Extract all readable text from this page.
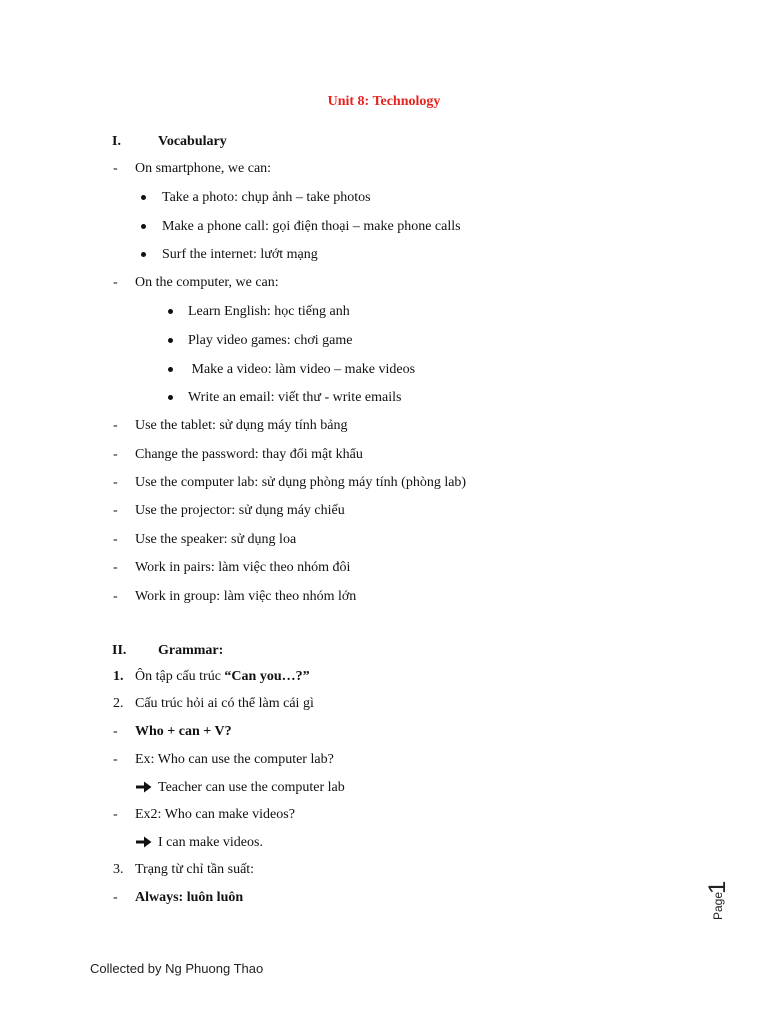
Unit 8: Technology
I.	Vocabulary
- On smartphone, we can:
Take a photo: chụp ảnh – take photos
Make a phone call: gọi điện thoại – make phone calls
Surf the internet: lướt mạng
- On the computer, we can:
Learn English: học tiếng anh
Play video games: chơi game
Make a video: làm video – make videos
Write an email: viết thư - write emails
- Use the tablet: sử dụng máy tính bảng
- Change the password: thay đổi mật khẩu
- Use the computer lab: sử dụng phòng máy tính (phòng lab)
- Use the projector: sử dụng máy chiếu
- Use the speaker: sử dụng loa
- Work in pairs: làm việc theo nhóm đôi
- Work in group: làm việc theo nhóm lớn
II. Grammar:
1. Ôn tập cấu trúc “Can you…?”
2. Cấu trúc hỏi ai có thể làm cái gì
- Who + can + V?
- Ex: Who can use the computer lab?
Teacher can use the computer lab
- Ex2: Who can make videos?
I can make videos.
3. Trạng từ chỉ tần suất:
- Always: luôn luôn	Page
1
Collected by Ng Phuong Thao
